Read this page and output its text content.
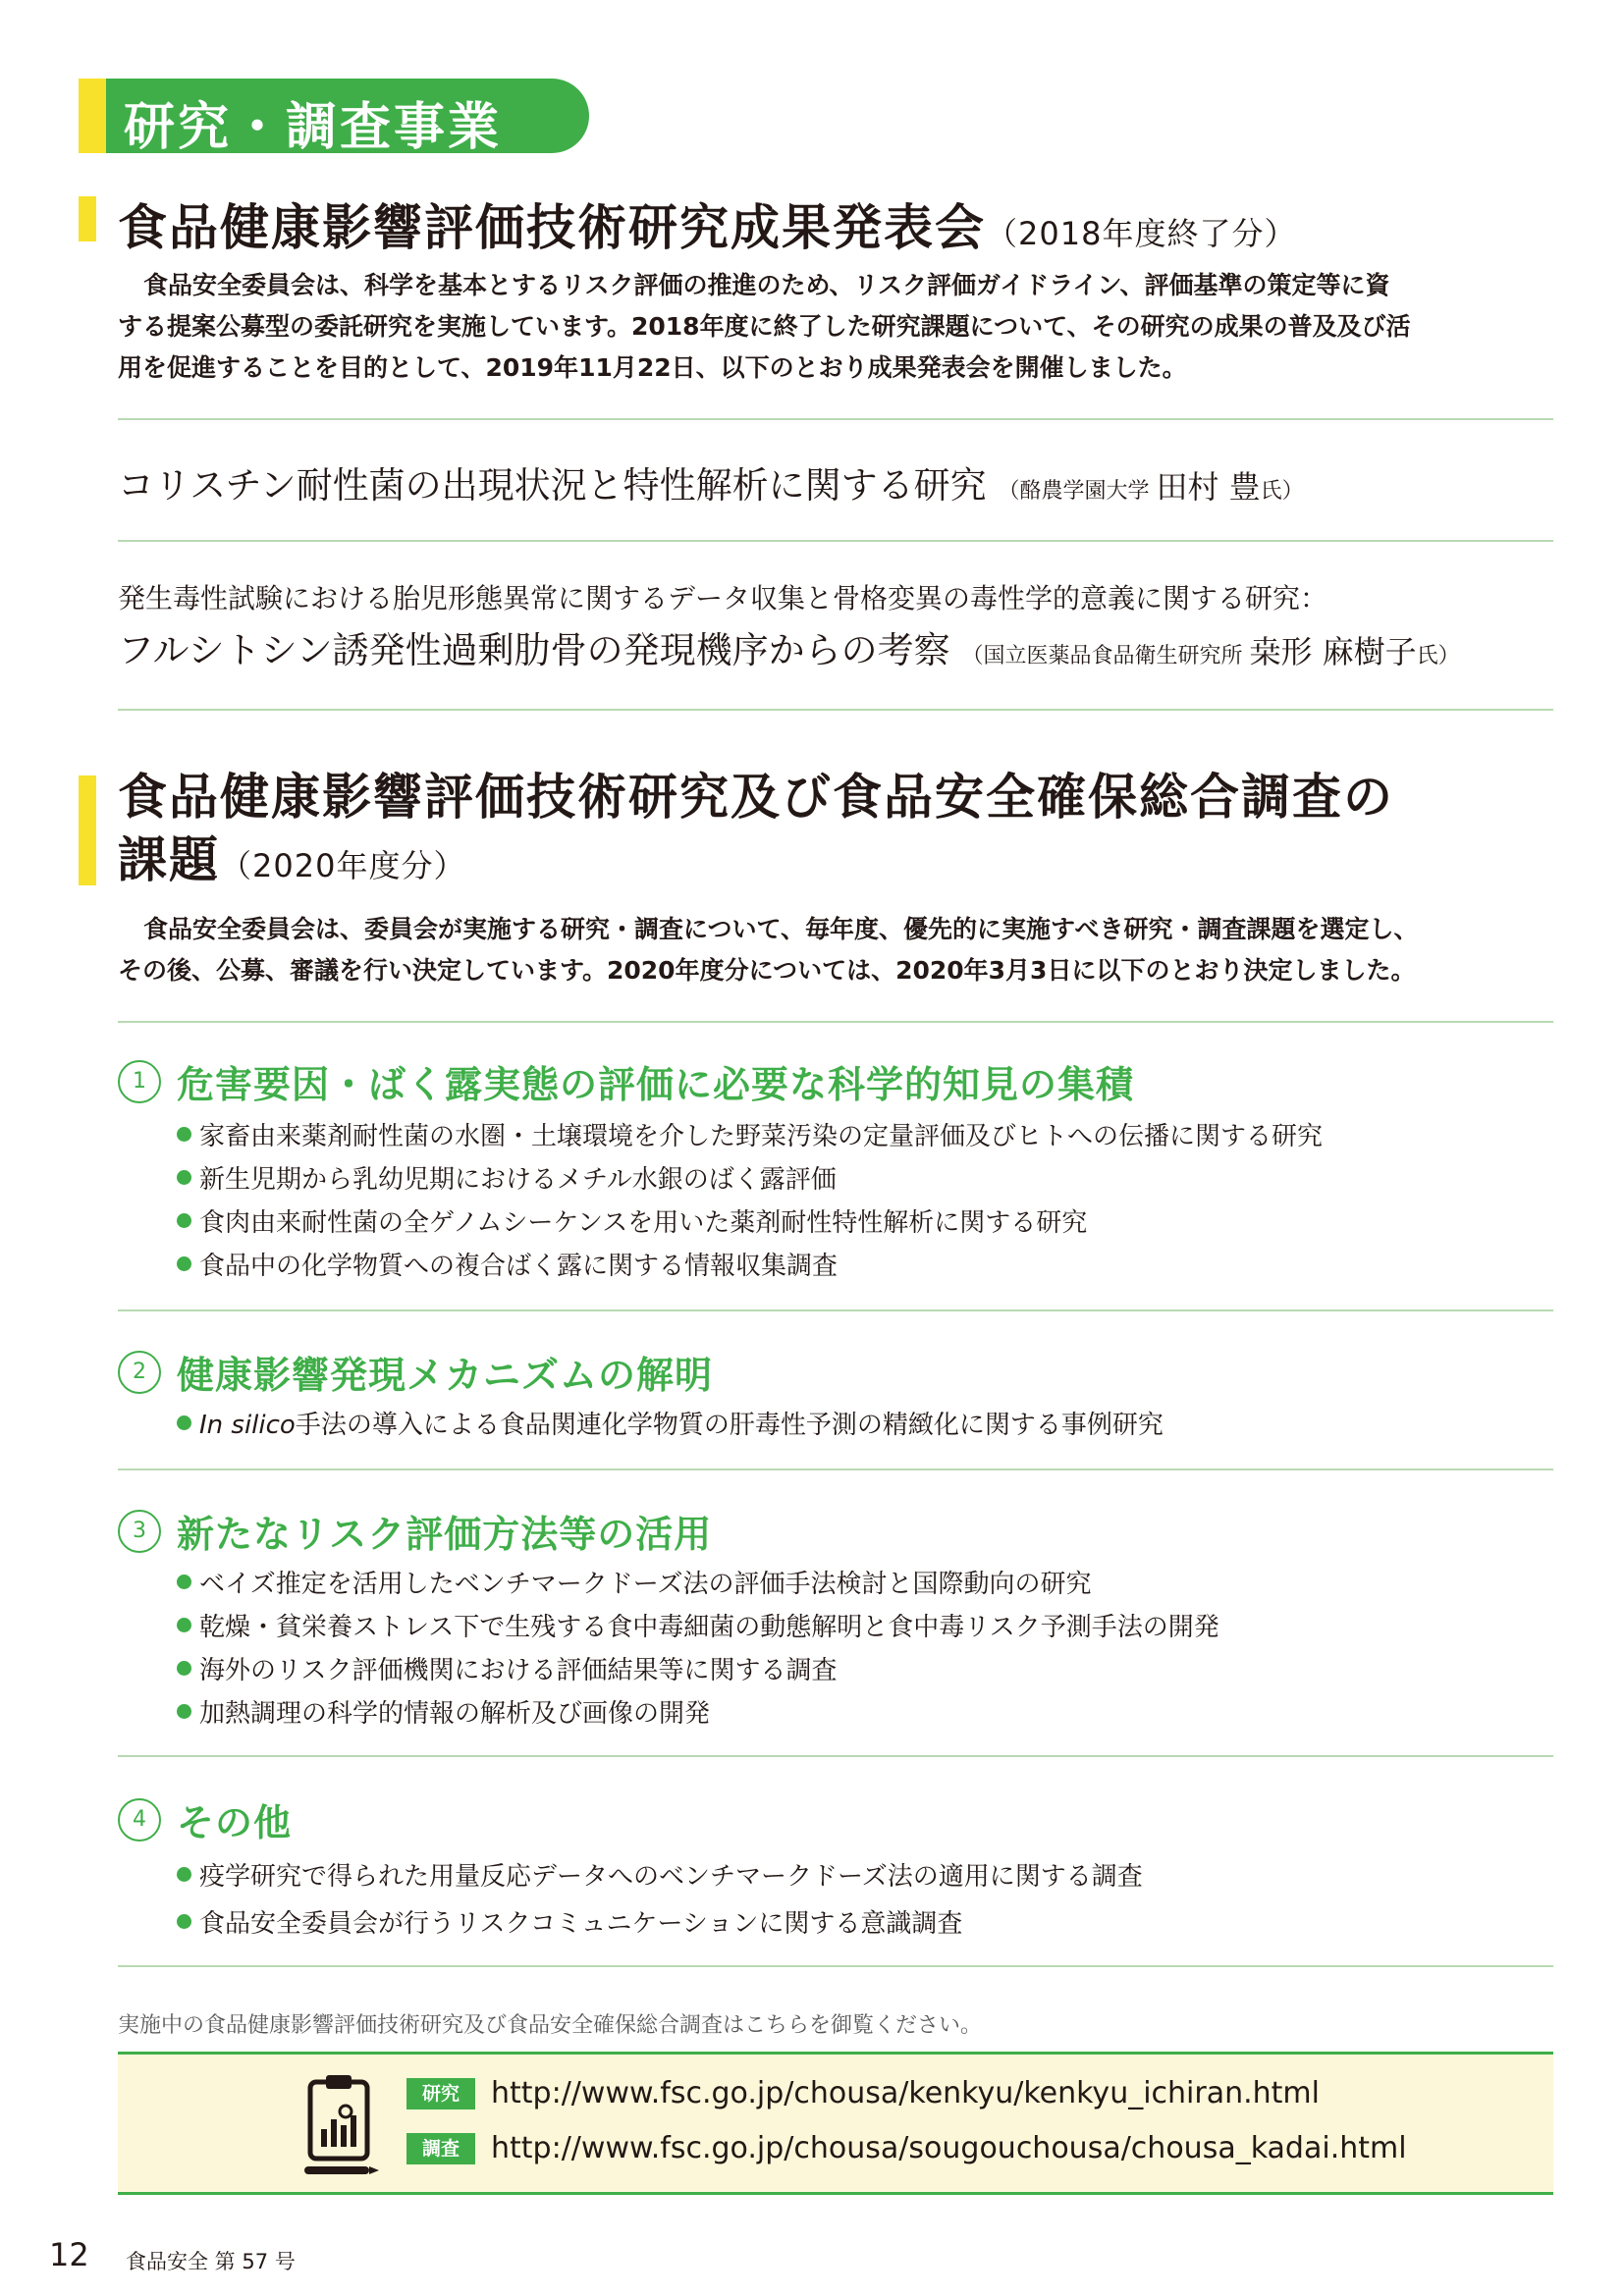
研究・調査事業
食品健康影響評価技術研究成果発表会（2018年度終了分）
食品安全委員会は、科学を基本とするリスク評価の推進のため、リスク評価ガイドライン、評価基準の策定等に資
する提案公募型の委託研究を実施しています。2018年度に終了した研究課題について、その研究の成果の普及及び活
用を促進することを目的として、2019年11月22日、以下のとおり成果発表会を開催しました。
コリスチン耐性菌の出現状況と特性解析に関する研究 （酪農学園大学 田村 豊氏）
発生毒性試験における胎児形態異常に関するデータ収集と骨格変異の毒性学的意義に関する研究：
フルシトシン誘発性過剰肋骨の発現機序からの考察 （国立医薬品食品衛生研究所 桒形 麻樹子氏）
食品健康影響評価技術研究及び食品安全確保総合調査の
課題（2020年度分）
食品安全委員会は、委員会が実施する研究・調査について、毎年度、優先的に実施すべき研究・調査課題を選定し、
その後、公募、審議を行い決定しています。2020年度分については、2020年3月3日に以下のとおり決定しました。
1 危害要因・ばく露実態の評価に必要な科学的知見の集積
家畜由来薬剤耐性菌の水圏・土壌環境を介した野菜汚染の定量評価及びヒトへの伝播に関する研究
新生児期から乳幼児期におけるメチル水銀のばく露評価
食肉由来耐性菌の全ゲノムシーケンスを用いた薬剤耐性特性解析に関する研究
食品中の化学物質への複合ばく露に関する情報収集調査
2 健康影響発現メカニズムの解明
In silico手法の導入による食品関連化学物質の肝毒性予測の精緻化に関する事例研究
3 新たなリスク評価方法等の活用
ベイズ推定を活用したベンチマークドーズ法の評価手法検討と国際動向の研究
乾燥・貧栄養ストレス下で生残する食中毒細菌の動態解明と食中毒リスク予測手法の開発
海外のリスク評価機関における評価結果等に関する調査
加熱調理の科学的情報の解析及び画像の開発
4 その他
疫学研究で得られた用量反応データへのベンチマークドーズ法の適用に関する調査
食品安全委員会が行うリスクコミュニケーションに関する意識調査
実施中の食品健康影響評価技術研究及び食品安全確保総合調査はこちらを御覧ください。
研究 http://www.fsc.go.jp/chousa/kenkyu/kenkyu_ichiran.html
調査 http://www.fsc.go.jp/chousa/sougouchousa/chousa_kadai.html
12 食品安全 第 57 号
